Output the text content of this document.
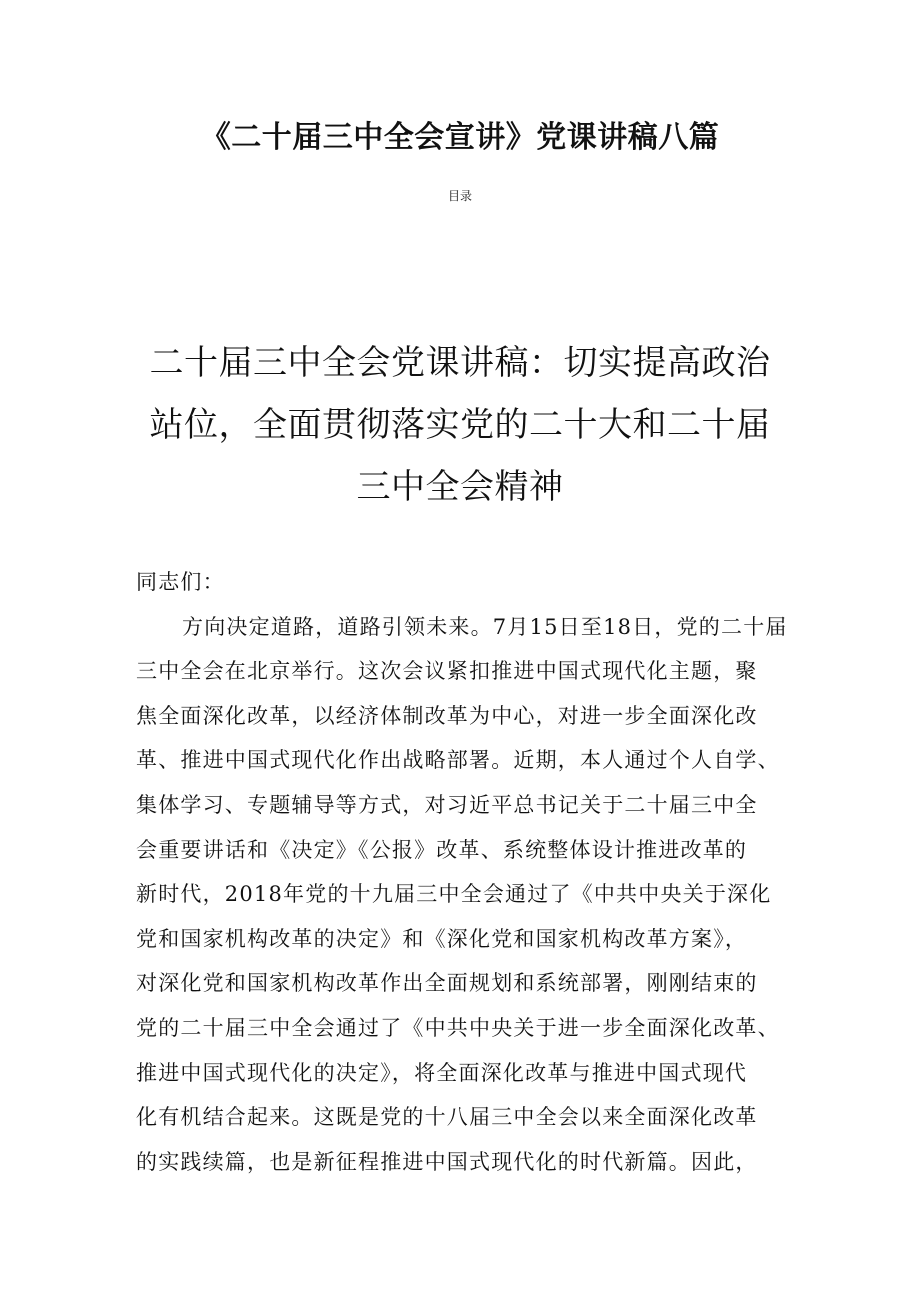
《二十届三中全会宣讲》党课讲稿八篇
目录
二十届三中全会党课讲稿：切实提高政治
站位，全面贯彻落实党的二十大和二十届
三中全会精神
同志们：
方向决定道路，道路引领未来。7月15日至18日，党的二十届
三中全会在北京举行。这次会议紧扣推进中国式现代化主题，聚
焦全面深化改革，以经济体制改革为中心，对进一步全面深化改
革、推进中国式现代化作出战略部署。近期，本人通过个人自学、
集体学习、专题辅导等方式，对习近平总书记关于二十届三中全
会重要讲话和《决定》《公报》改革、系统整体设计推进改革的
新时代，2018年党的十九届三中全会通过了《中共中央关于深化
党和国家机构改革的决定》和《深化党和国家机构改革方案》，
对深化党和国家机构改革作出全面规划和系统部署，刚刚结束的
党的二十届三中全会通过了《中共中央关于进一步全面深化改革、
推进中国式现代化的决定》，将全面深化改革与推进中国式现代
化有机结合起来。这既是党的十八届三中全会以来全面深化改革
的实践续篇，也是新征程推进中国式现代化的时代新篇。因此，
